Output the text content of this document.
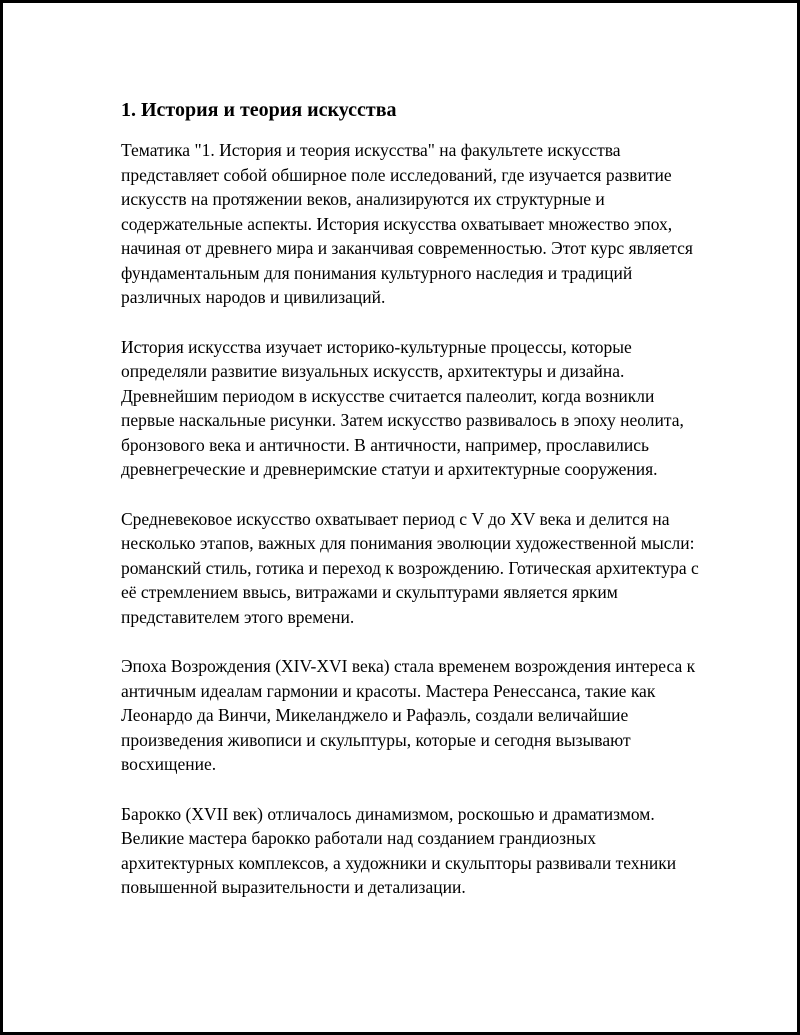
1. История и теория искусства

Тематика "1. История и теория искусства" на факультете искусства представляет собой обширное поле исследований, где изучается развитие искусств на протяжении веков, анализируются их структурные и содержательные аспекты. История искусства охватывает множество эпох, начиная от древнего мира и заканчивая современностью. Этот курс является фундаментальным для понимания культурного наследия и традиций различных народов и цивилизаций.

История искусства изучает историко-культурные процессы, которые определяли развитие визуальных искусств, архитектуры и дизайна. Древнейшим периодом в искусстве считается палеолит, когда возникли первые наскальные рисунки. Затем искусство развивалось в эпоху неолита, бронзового века и античности. В античности, например, прославились древнегреческие и древнеримские статуи и архитектурные сооружения.

Средневековое искусство охватывает период с V до XV века и делится на несколько этапов, важных для понимания эволюции художественной мысли: романский стиль, готика и переход к возрождению. Готическая архитектура с её стремлением ввысь, витражами и скульптурами является ярким представителем этого времени.

Эпоха Возрождения (XIV-XVI века) стала временем возрождения интереса к античным идеалам гармонии и красоты. Мастера Ренессанса, такие как Леонардо да Винчи, Микеланджело и Рафаэль, создали величайшие произведения живописи и скульптуры, которые и сегодня вызывают восхищение.

Барокко (XVII век) отличалось динамизмом, роскошью и драматизмом. Великие мастера барокко работали над созданием грандиозных архитектурных комплексов, а художники и скульпторы развивали техники повышенной выразительности и детализации.
